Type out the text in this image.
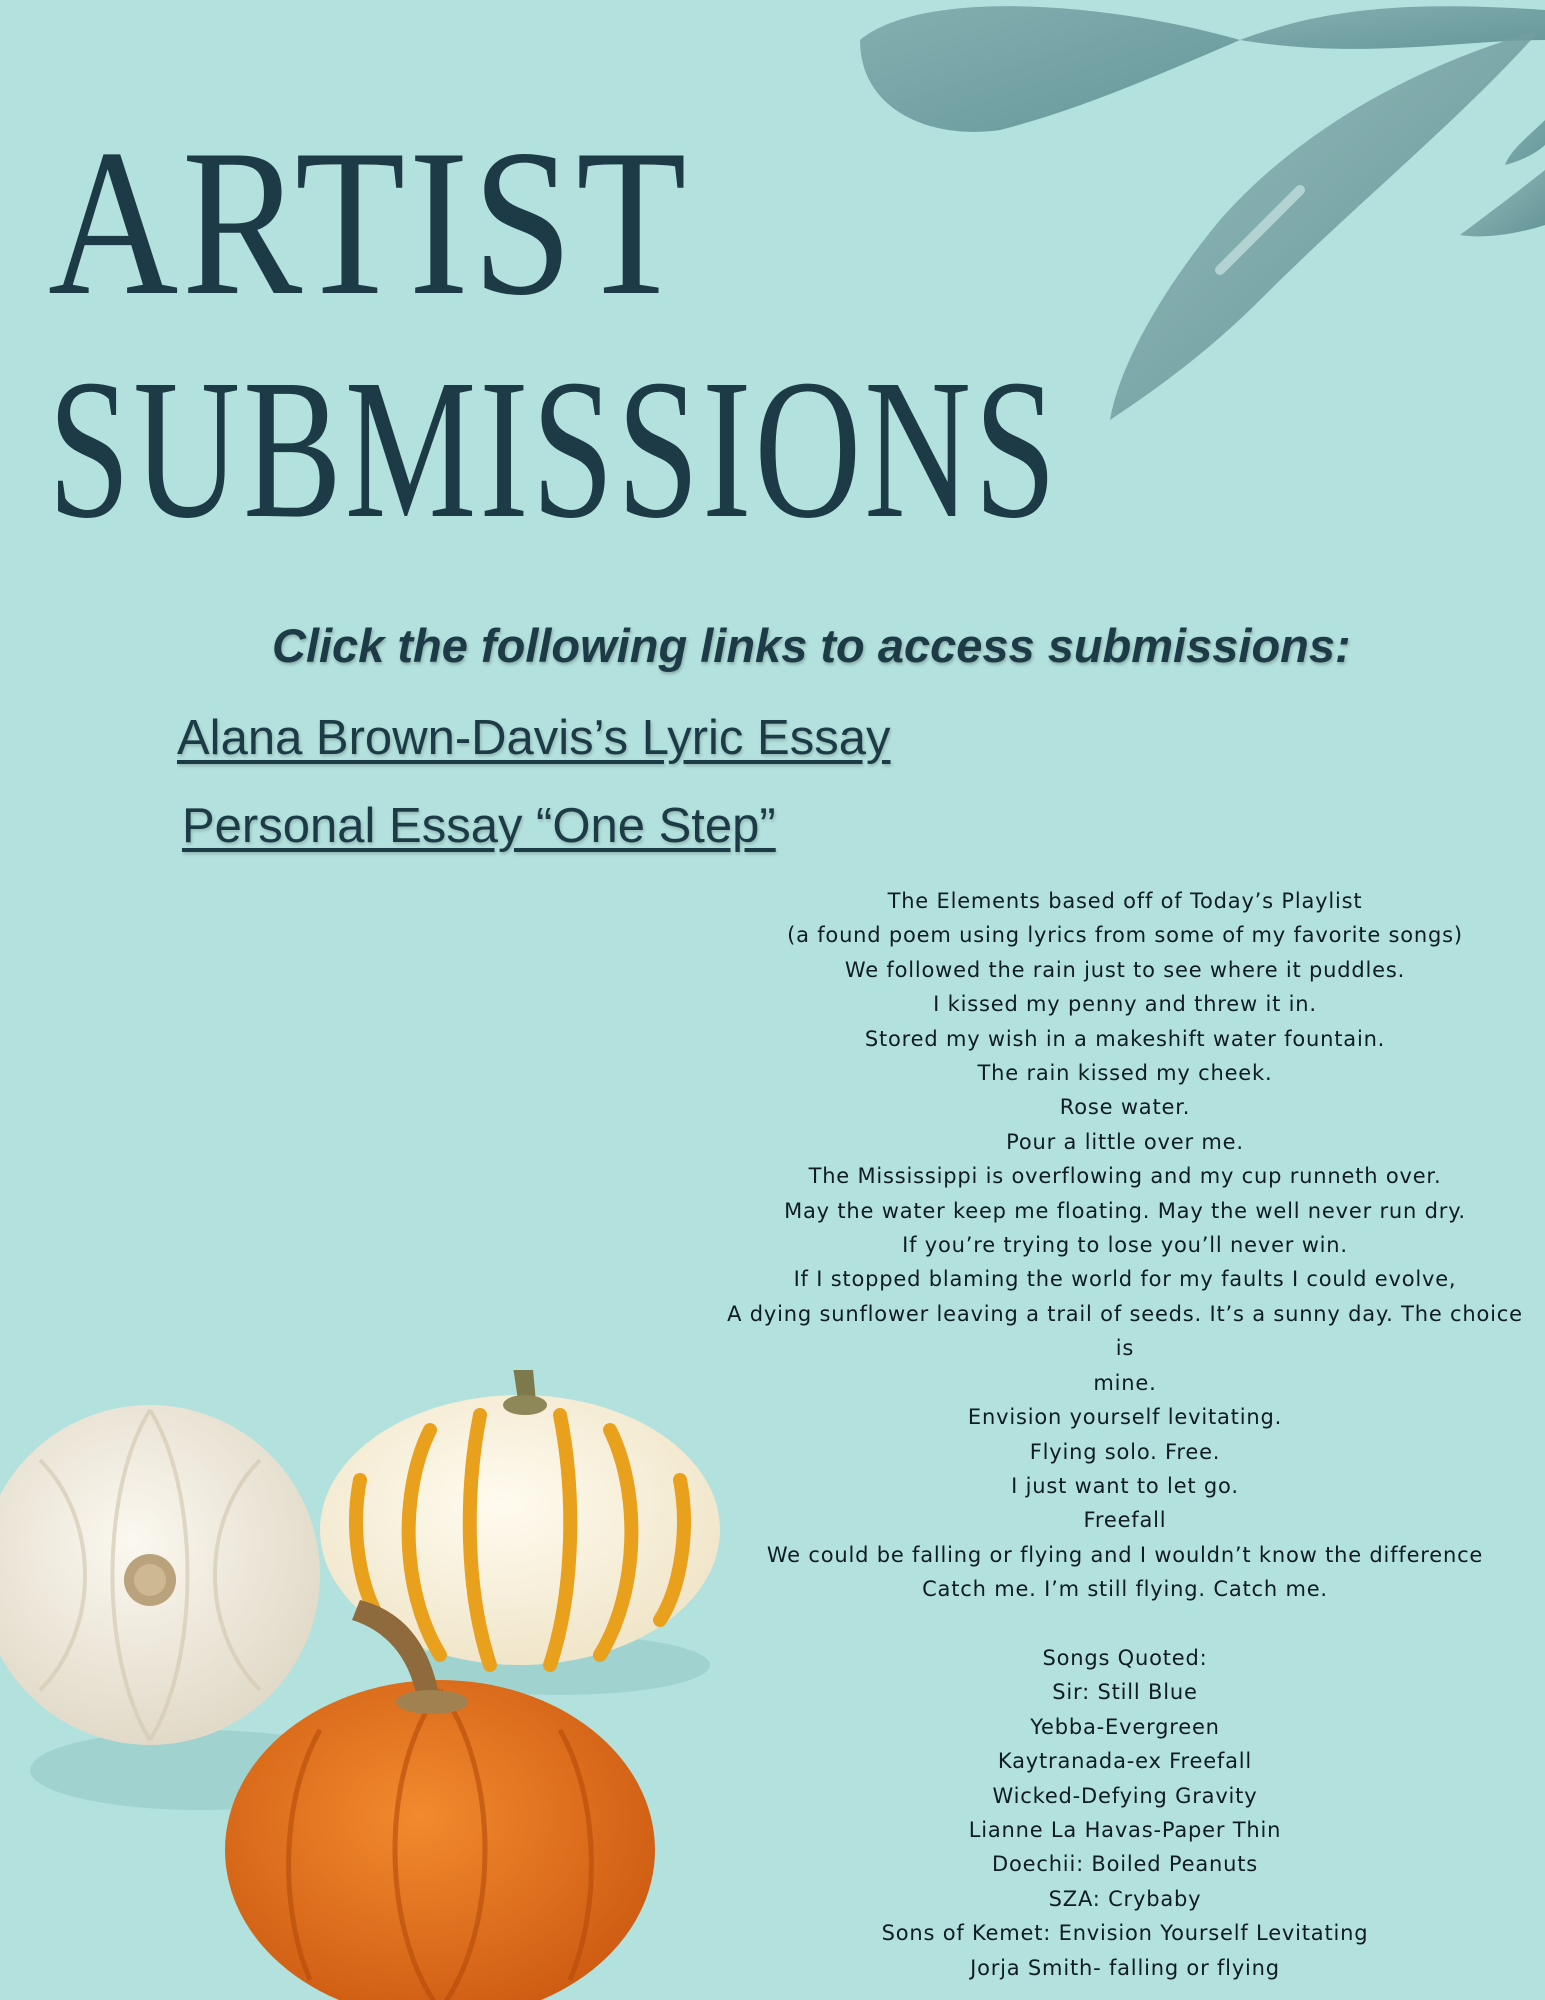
ARTIST
SUBMISSIONS
Click the following links to access submissions:
Alana Brown-Davis’s Lyric Essay
Personal Essay “One Step”
The Elements based off of Today’s Playlist
(a found poem using lyrics from some of my favorite songs)
We followed the rain just to see where it puddles.
I kissed my penny and threw it in.
Stored my wish in a makeshift water fountain.
The rain kissed my cheek.
Rose water.
Pour a little over me.
The Mississippi is overflowing and my cup runneth over.
May the water keep me floating. May the well never run dry.
If you’re trying to lose you’ll never win.
If I stopped blaming the world for my faults I could evolve,
A dying sunflower leaving a trail of seeds. It’s a sunny day. The choice is
mine.
Envision yourself levitating.
Flying solo. Free.
I just want to let go.
Freefall
We could be falling or flying and I wouldn’t know the difference
Catch me. I’m still flying. Catch me.
Songs Quoted:
Sir: Still Blue
Yebba-Evergreen
Kaytranada-ex Freefall
Wicked-Defying Gravity
Lianne La Havas-Paper Thin
Doechii: Boiled Peanuts
SZA: Crybaby
Sons of Kemet: Envision Yourself Levitating
Jorja Smith- falling or flying
